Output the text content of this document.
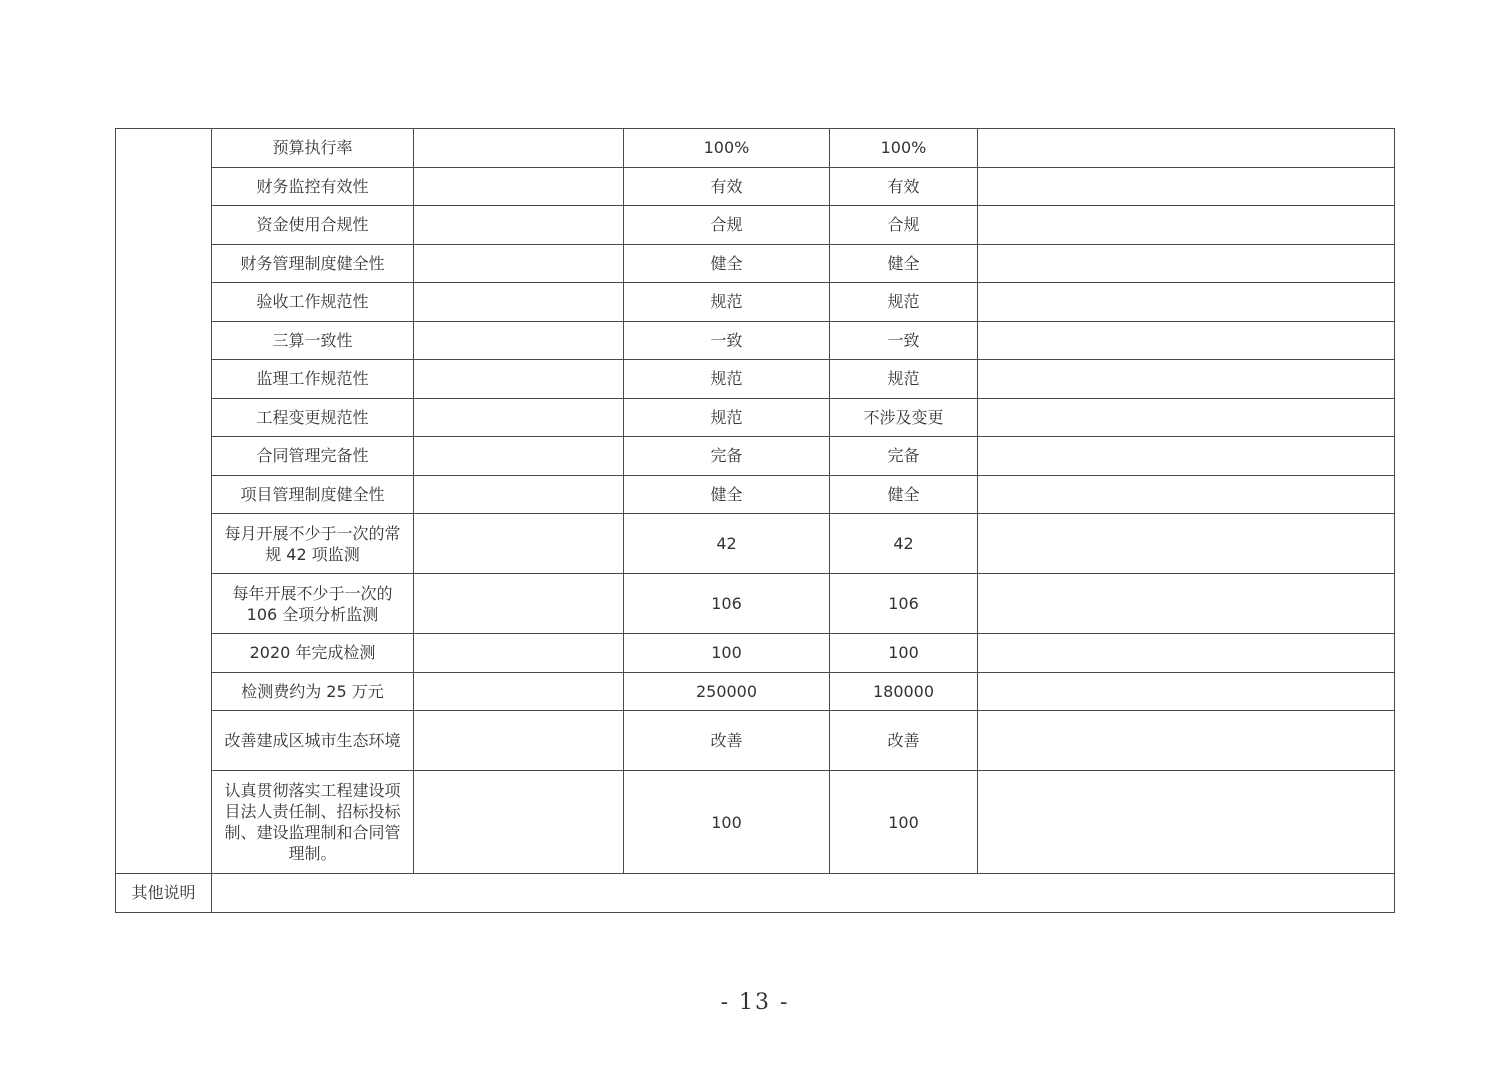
	预算执行率		100%	100%	
	财务监控有效性		有效	有效	
	资金使用合规性		合规	合规	
	财务管理制度健全性		健全	健全	
	验收工作规范性		规范	规范	
	三算一致性		一致	一致	
	监理工作规范性		规范	规范	
	工程变更规范性		规范	不涉及变更	
	合同管理完备性		完备	完备	
	项目管理制度健全性		健全	健全	
	每月开展不少于一次的常规 42 项监测		42	42	
	每年开展不少于一次的106 全项分析监测		106	106	
	2020 年完成检测		100	100	
	检测费约为 25 万元		250000	180000	
	改善建成区城市生态环境		改善	改善	
	认真贯彻落实工程建设项目法人责任制、招标投标制、建设监理制和合同管理制。		100	100	
其他说明					
- 13 -
